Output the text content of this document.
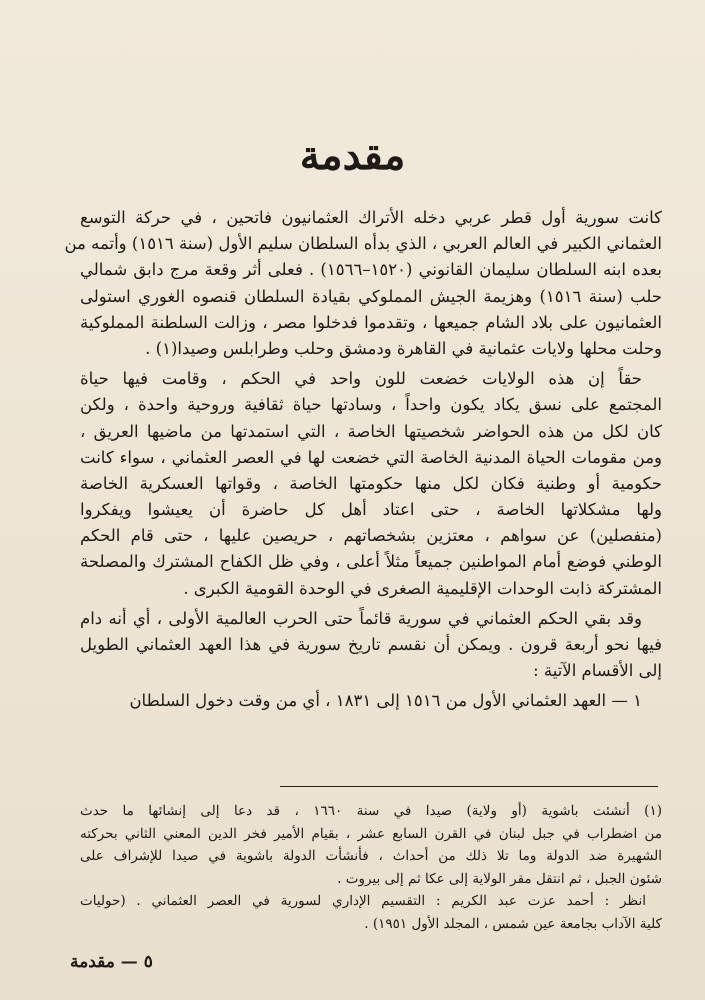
مقدمة
كانت سورية أول قطر عربي دخله الأتراك العثمانيون فاتحين ، في حركة التوسع
العثماني الكبير في العالم العربي ، الذي بدأه السلطان سليم الأول (سنة ١٥١٦) وأتمه من
بعده ابنه السلطان سليمان القانوني (١٥٢٠–١٥٦٦) . فعلى أثر وقعة مرج دابق شمالي
حلب (سنة ١٥١٦) وهزيمة الجيش المملوكي بقيادة السلطان قنصوه الغوري استولى
العثمانيون على بلاد الشام جميعها ، وتقدموا فدخلوا مصر ، وزالت السلطنة المملوكية
وحلت محلها ولايات عثمانية في القاهرة ودمشق وحلب وطرابلس وصيدا(١) .
حقاً إن هذه الولايات خضعت للون واحد في الحكم ، وقامت فيها حياة
المجتمع على نسق يكاد يكون واحداً ، وسادتها حياة ثقافية وروحية واحدة ، ولكن
كان لكل من هذه الحواضر شخصيتها الخاصة ، التي استمدتها من ماضيها العريق ،
ومن مقومات الحياة المدنية الخاصة التي خضعت لها في العصر العثماني ، سواء كانت
حكومية أو وطنية فكان لكل منها حكومتها الخاصة ، وقواتها العسكرية الخاصة
ولها مشكلاتها الخاصة ، حتى اعتاد أهل كل حاضرة أن يعيشوا ويفكروا
(منفصلين) عن سواهم ، معتزين بشخصاتهم ، حريصين عليها ، حتى قام الحكم
الوطني فوضع أمام المواطنين جميعاً مثلاً أعلى ، وفي ظل الكفاح المشترك والمصلحة
المشتركة ذابت الوحدات الإقليمية الصغرى في الوحدة القومية الكبرى .
وقد بقي الحكم العثماني في سورية قائماً حتى الحرب العالمية الأولى ، أي أنه دام
فيها نحو أربعة قرون . ويمكن أن نقسم تاريخ سورية في هذا العهد العثماني الطويل
إلى الأقسام الآتية :
١ — العهد العثماني الأول من ١٥١٦ إلى ١٨٣١ ، أي من وقت دخول السلطان
(١) أنشئت باشوية (أو ولاية) صيدا في سنة ١٦٦٠ ، قد دعا إلى إنشائها ما حدث
من اضطراب في جبل لبنان في القرن السابع عشر ، بقيام الأمير فخر الدين المعني الثاني بحركته
الشهيرة ضد الدولة وما تلا ذلك من أحداث ، فأنشأت الدولة باشوية في صيدا للإشراف على
شئون الجبل ، ثم انتقل مقر الولاية إلى عكا ثم إلى بيروت .
انظر : أحمد عزت عبد الكريم : التقسيم الإداري لسورية في العصر العثماني . (حوليات
كلية الآداب بجامعة عين شمس ، المجلد الأول ١٩٥١) .
٥ — مقدمة
